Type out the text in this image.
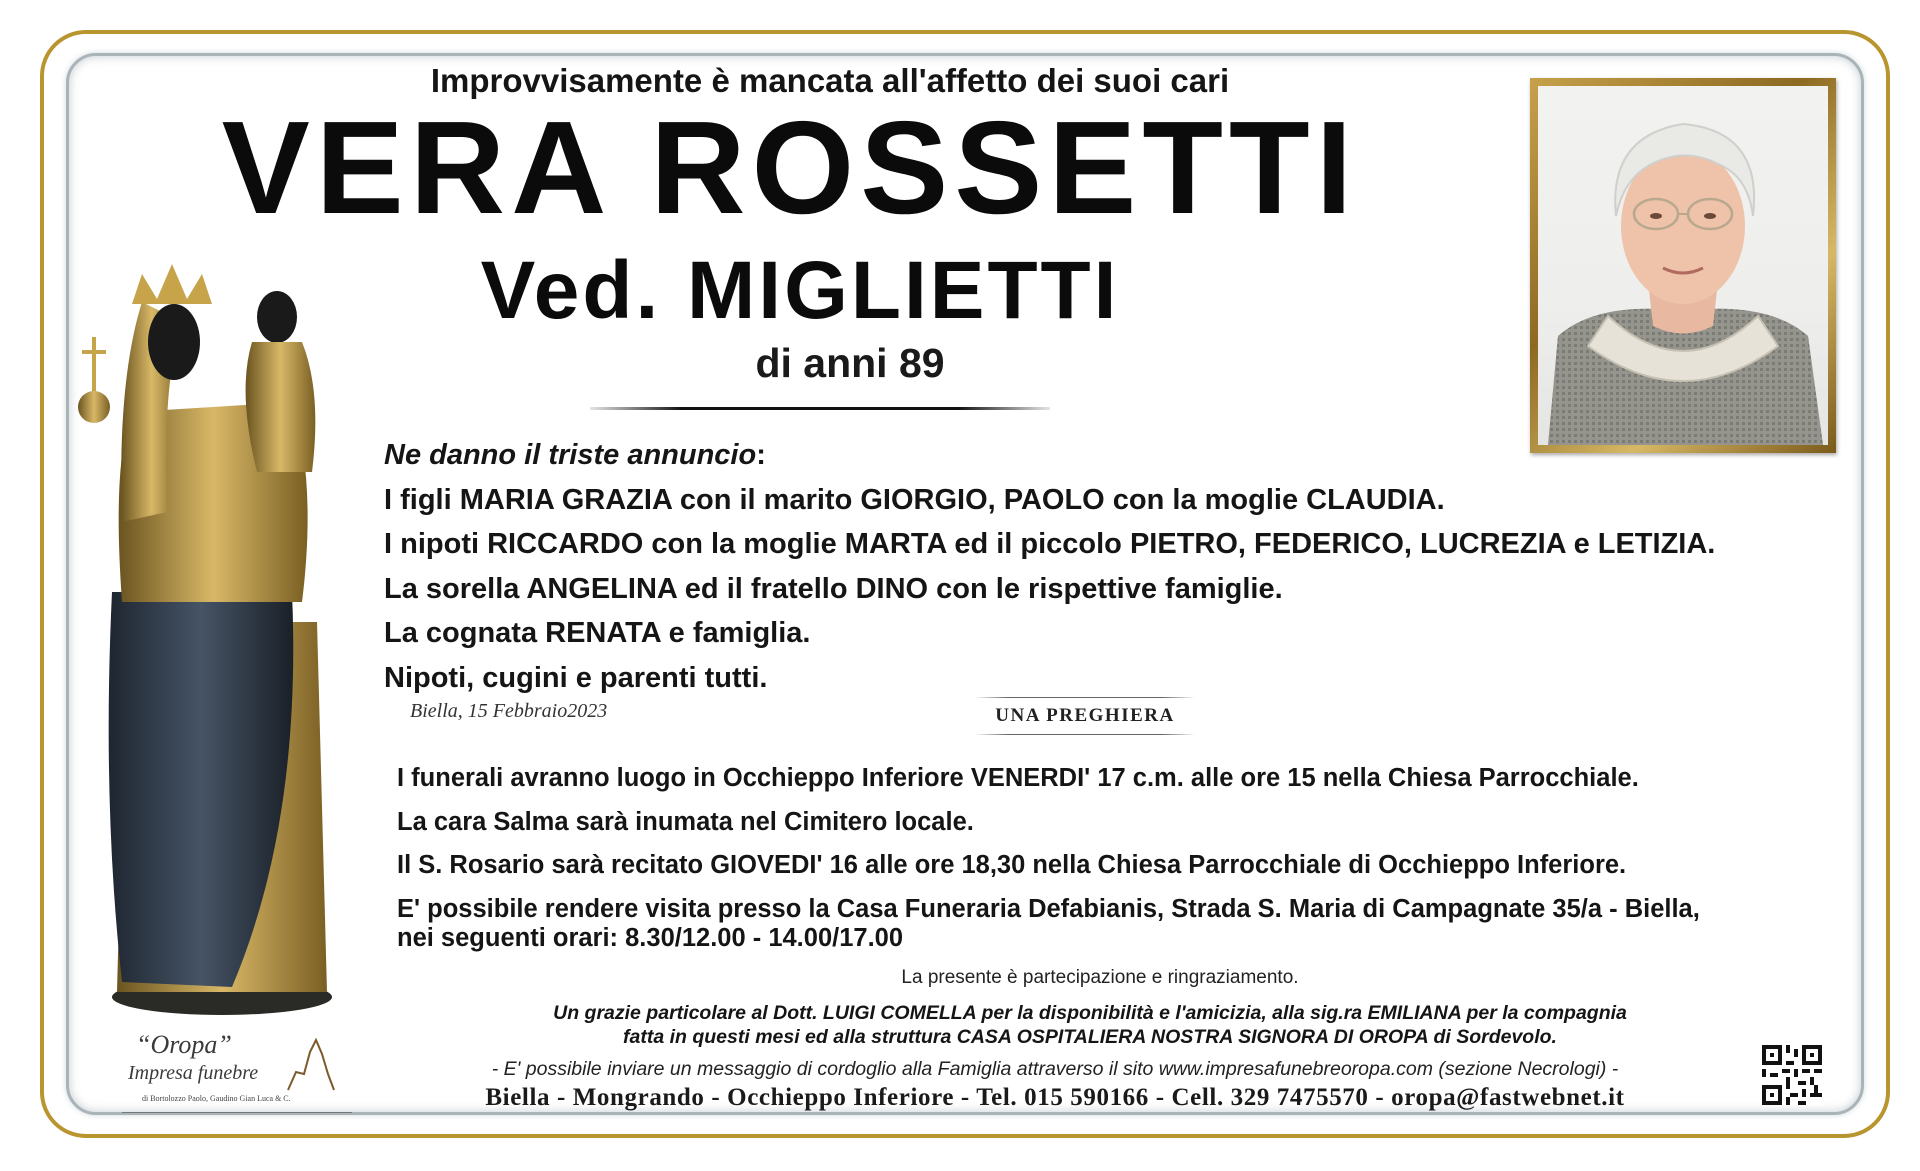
Improvvisamente è mancata all'affetto dei suoi cari
VERA ROSSETTI
Ved. MIGLIETTI
di anni 89
Ne danno il triste annuncio:
I figli MARIA GRAZIA con il marito GIORGIO, PAOLO con la moglie CLAUDIA.
I nipoti RICCARDO con la moglie MARTA ed il piccolo PIETRO, FEDERICO, LUCREZIA e LETIZIA.
La sorella ANGELINA ed il fratello DINO con le rispettive famiglie.
La cognata RENATA e famiglia.
Nipoti, cugini e parenti tutti.
Biella, 15 Febbraio2023	UNA PREGHIERA
I funerali avranno luogo in Occhieppo Inferiore VENERDI' 17 c.m. alle ore 15 nella Chiesa Parrocchiale.
La cara Salma sarà inumata nel Cimitero locale.
Il S. Rosario sarà recitato GIOVEDI' 16 alle ore 18,30 nella Chiesa Parrocchiale di Occhieppo Inferiore.
E' possibile rendere visita presso la Casa Funeraria Defabianis, Strada S. Maria di Campagnate 35/a - Biella,
nei seguenti orari: 8.30/12.00 - 14.00/17.00
La presente è partecipazione e ringraziamento.
Un grazie particolare al Dott. LUIGI COMELLA per la disponibilità e l'amicizia, alla sig.ra EMILIANA per la compagnia
fatta in questi mesi ed alla struttura CASA OSPITALIERA NOSTRA SIGNORA DI OROPA di Sordevolo.
- E' possibile inviare un messaggio di cordoglio alla Famiglia attraverso il sito www.impresafunebreoropa.com (sezione Necrologi) -
Biella - Mongrando - Occhieppo Inferiore - Tel. 015 590166 - Cell. 329 7475570 - oropa@fastwebnet.it
“Oropa”
Impresa funebre
di Bortolozzo Paolo, Gaudino Gian Luca & C.
